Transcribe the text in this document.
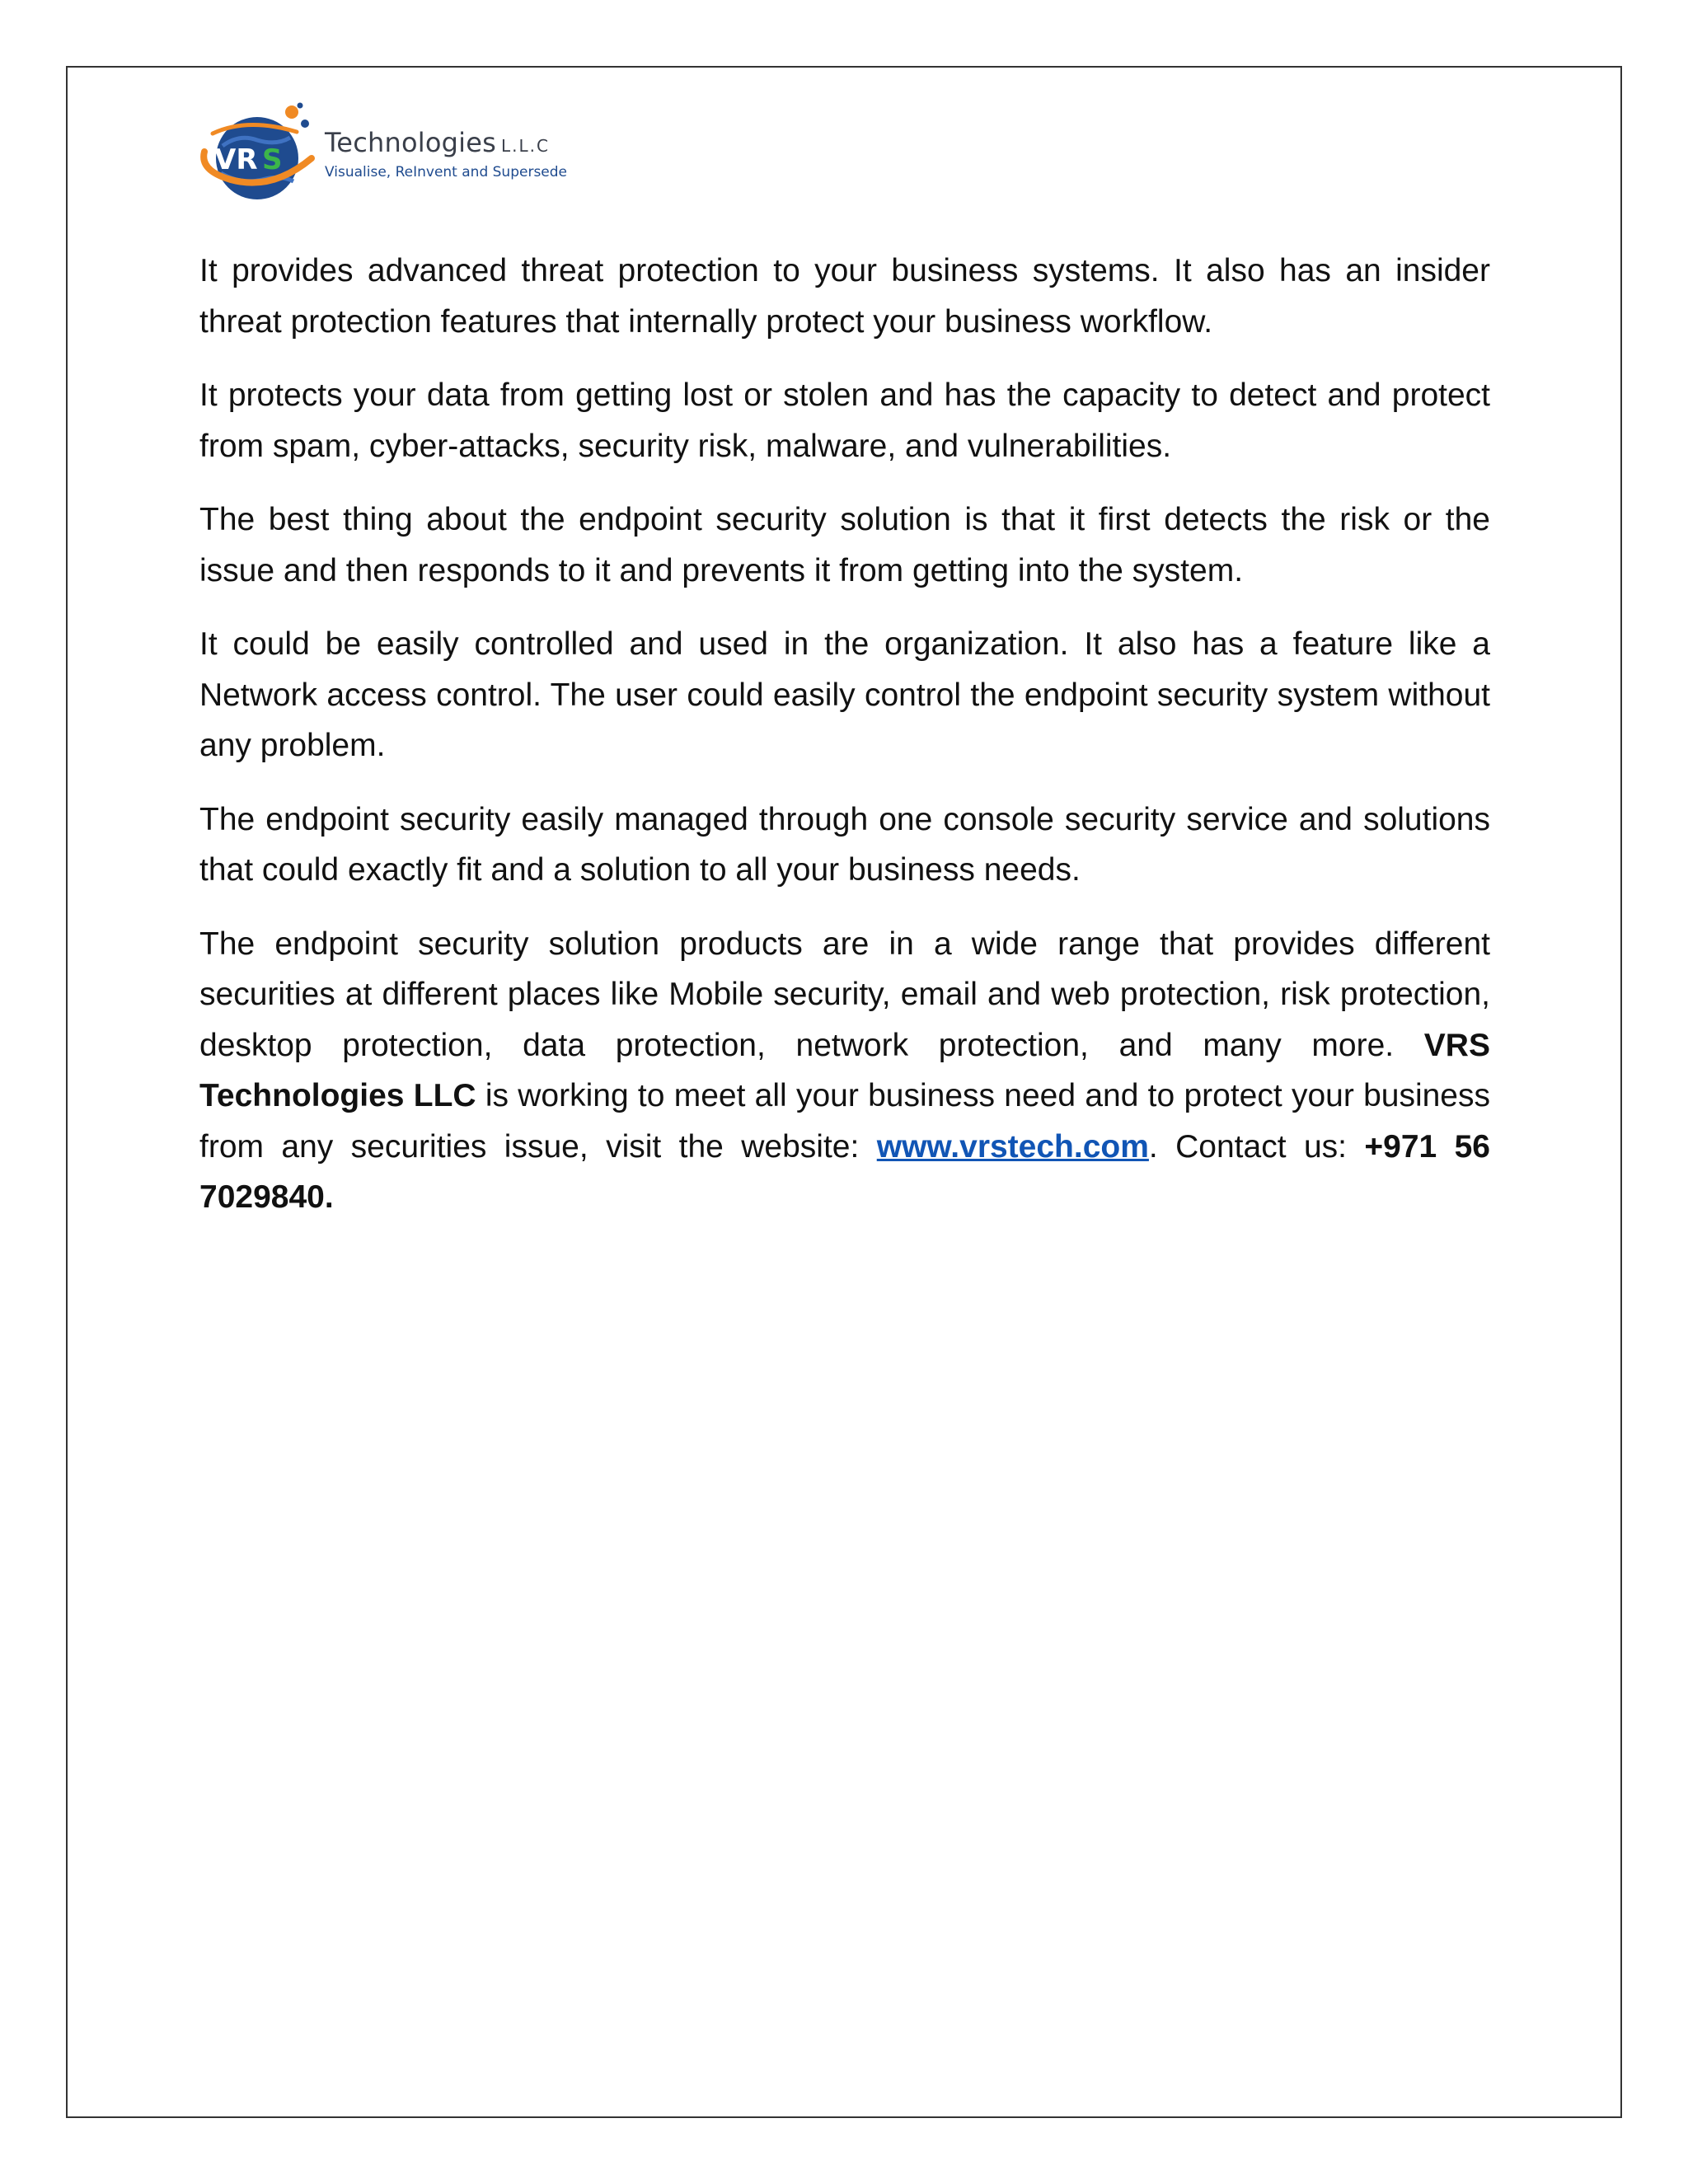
VR S
Technologies L.L.C
Visualise, ReInvent and Supersede

It provides advanced threat protection to your business systems. It also has an insider threat protection features that internally protect your business workflow.

It protects your data from getting lost or stolen and has the capacity to detect and protect from spam, cyber-attacks, security risk, malware, and vulnerabilities.

The best thing about the endpoint security solution is that it first detects the risk or the issue and then responds to it and prevents it from getting into the system.

It could be easily controlled and used in the organization. It also has a feature like a Network access control. The user could easily control the endpoint security system without any problem.

The endpoint security easily managed through one console security service and solutions that could exactly fit and a solution to all your business needs.

The endpoint security solution products are in a wide range that provides different securities at different places like Mobile security, email and web protection, risk protection, desktop protection, data protection, network protection, and many more. VRS Technologies LLC is working to meet all your business need and to protect your business from any securities issue, visit the website: www.vrstech.com. Contact us: +971 56 7029840.
